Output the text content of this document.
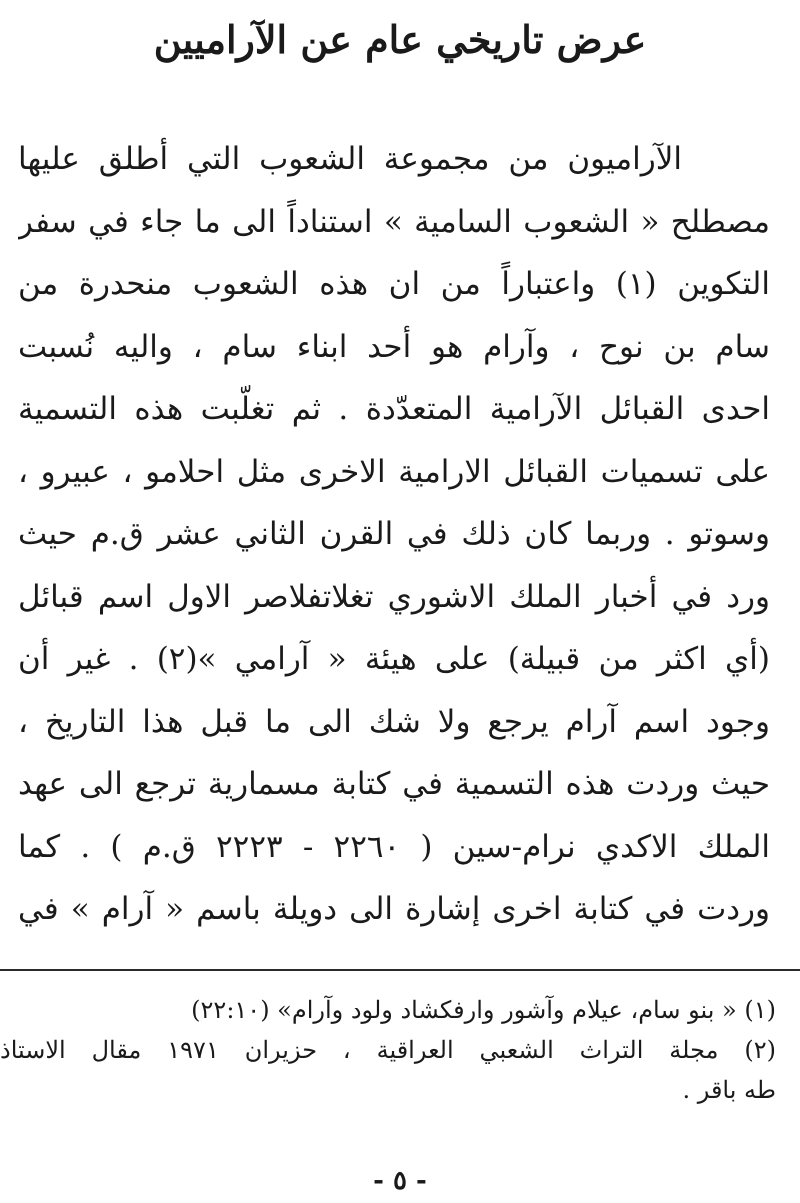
عرض تاريخي عام عن الآراميين
الآراميون من مجموعة الشعوب التي أطلق عليها
مصطلح « الشعوب السامية » استناداً الى ما جاء في سفر
التكوين (١) واعتباراً من ان هذه الشعوب منحدرة من
سام بن نوح ، وآرام هو أحد ابناء سام ، واليه نُسبت
احدى القبائل الآرامية المتعدّدة . ثم تغلّبت هذه التسمية
على تسميات القبائل الارامية الاخرى مثل احلامو ، عبيرو ،
وسوتو . وربما كان ذلك في القرن الثاني عشر ق.م حيث
ورد في أخبار الملك الاشوري تغلاتفلاصر الاول اسم قبائل
(أي اكثر من قبيلة) على هيئة « آرامي »(٢) . غير أن
وجود اسم آرام يرجع ولا شك الى ما قبل هذا التاريخ ،
حيث وردت هذه التسمية في كتابة مسمارية ترجع الى عهد
الملك الاكدي نرام-سين ( ٢٢٦٠ - ٢٢٢٣ ق.م ) . كما
وردت في كتابة اخرى إشارة الى دويلة باسم « آرام » في
(١) « بنو سام، عيلام وآشور وارفكشاد ولود وآرام» (٢٢:١٠)
(٢) مجلة التراث الشعبي العراقية ، حزيران ١٩٧١ مقال الاستاذ
طه باقر .
- ٥ -
